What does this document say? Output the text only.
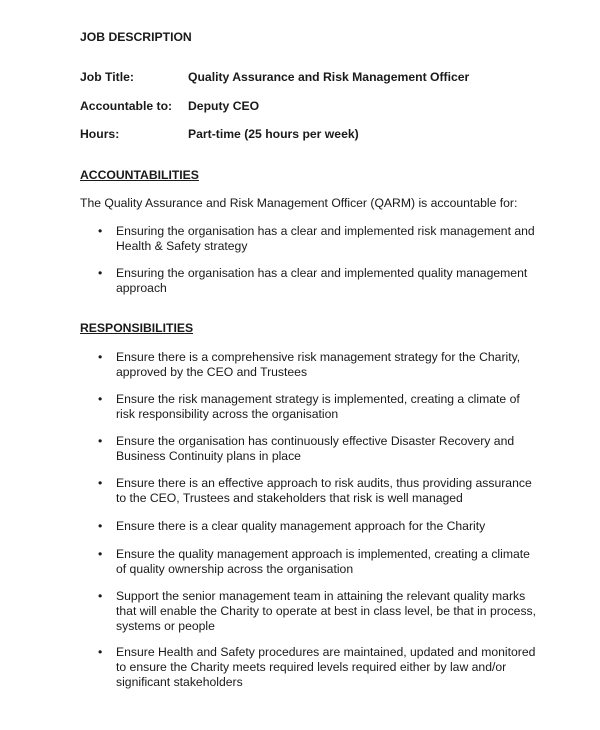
JOB DESCRIPTION
Job Title:	Quality Assurance and Risk Management Officer
Accountable to:	Deputy CEO
Hours:	Part-time (25 hours per week)
ACCOUNTABILITIES

The Quality Assurance and Risk Management Officer (QARM) is accountable for:

•	Ensuring the organisation has a clear and implemented risk management and Health & Safety strategy
•	Ensuring the organisation has a clear and implemented quality management approach
RESPONSIBILITIES
•	Ensure there is a comprehensive risk management strategy for the Charity, approved by the CEO and Trustees
•	Ensure the risk management strategy is implemented, creating a climate of risk responsibility across the organisation
•	Ensure the organisation has continuously effective Disaster Recovery and Business Continuity plans in place
•	Ensure there is an effective approach to risk audits, thus providing assurance to the CEO, Trustees and stakeholders that risk is well managed
•	Ensure there is a clear quality management approach for the Charity
•	Ensure the quality management approach is implemented, creating a climate of quality ownership across the organisation
•	Support the senior management team in attaining the relevant quality marks that will enable the Charity to operate at best in class level, be that in process, systems or people
•	Ensure Health and Safety procedures are maintained, updated and monitored to ensure the Charity meets required levels required either by law and/or significant stakeholders
